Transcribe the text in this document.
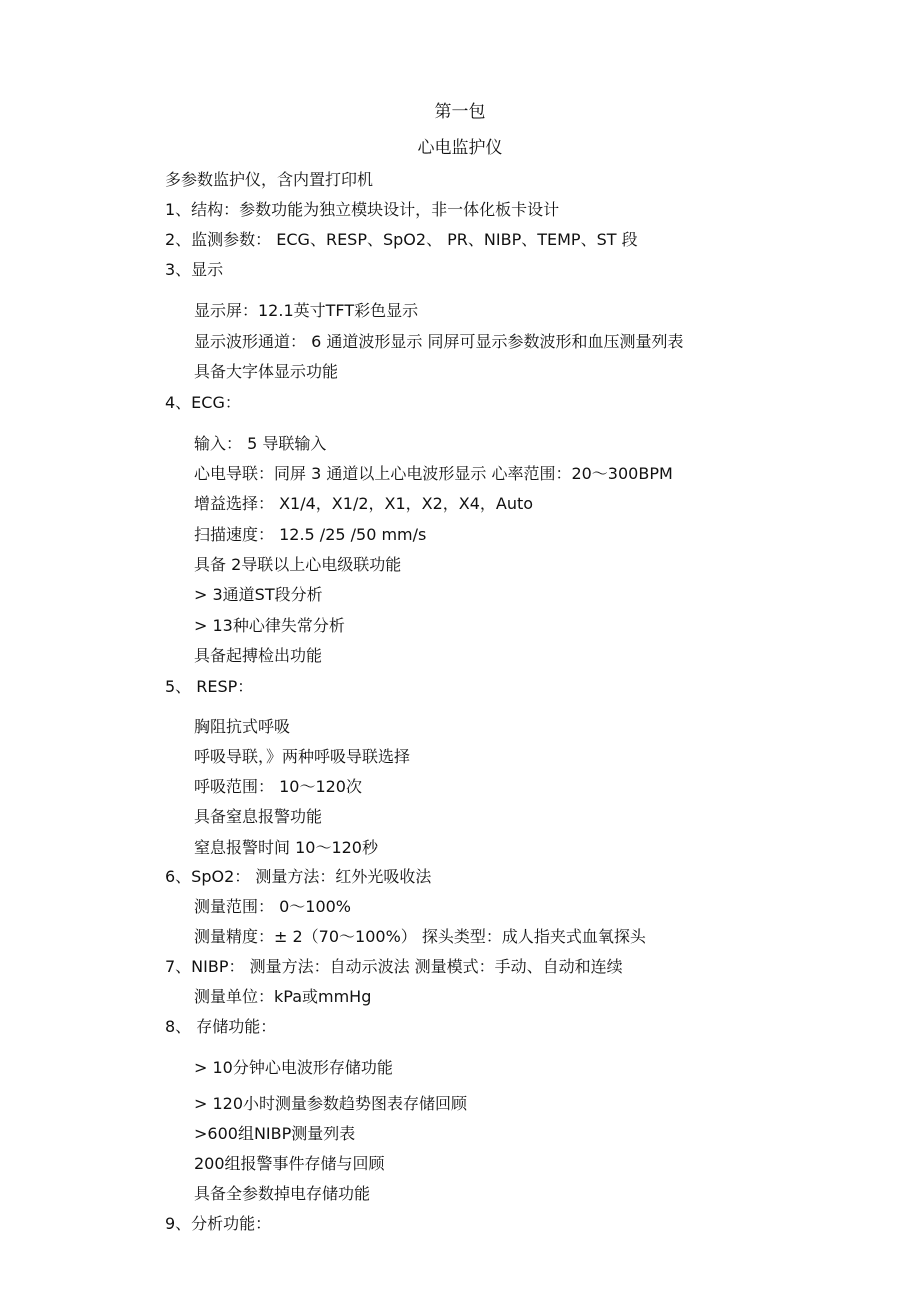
第一包
心电监护仪
多参数监护仪，含内置打印机
1、结构：参数功能为独立模块设计，非一体化板卡设计
2、监测参数： ECG、RESP、SpO2、 PR、NIBP、TEMP、ST 段
3、显示
显示屏：12.1英寸TFT彩色显示
显示波形通道： 6 通道波形显示 同屏可显示参数波形和血压测量列表
具备大字体显示功能
4、ECG：
输入： 5 导联输入
心电导联：同屏 3 通道以上心电波形显示 心率范围：20～300BPM
增益选择： X1/4，X1/2，X1，X2，X4，Auto
扫描速度： 12.5 /25 /50 mm/s
具备 2导联以上心电级联功能
> 3通道ST段分析
> 13种心律失常分析
具备起搏检出功能
5、 RESP：
胸阻抗式呼吸
呼吸导联，》两种呼吸导联选择
呼吸范围： 10～120次
具备窒息报警功能
窒息报警时间 10～120秒
6、SpO2： 测量方法：红外光吸收法
测量范围： 0～100%
测量精度：± 2（70～100%） 探头类型：成人指夹式血氧探头
7、NIBP： 测量方法：自动示波法 测量模式：手动、自动和连续
测量单位：kPa或mmHg
8、 存储功能：
> 10分钟心电波形存储功能
> 120小时测量参数趋势图表存储回顾
>600组NIBP测量列表
200组报警事件存储与回顾
具备全参数掉电存储功能
9、分析功能：
